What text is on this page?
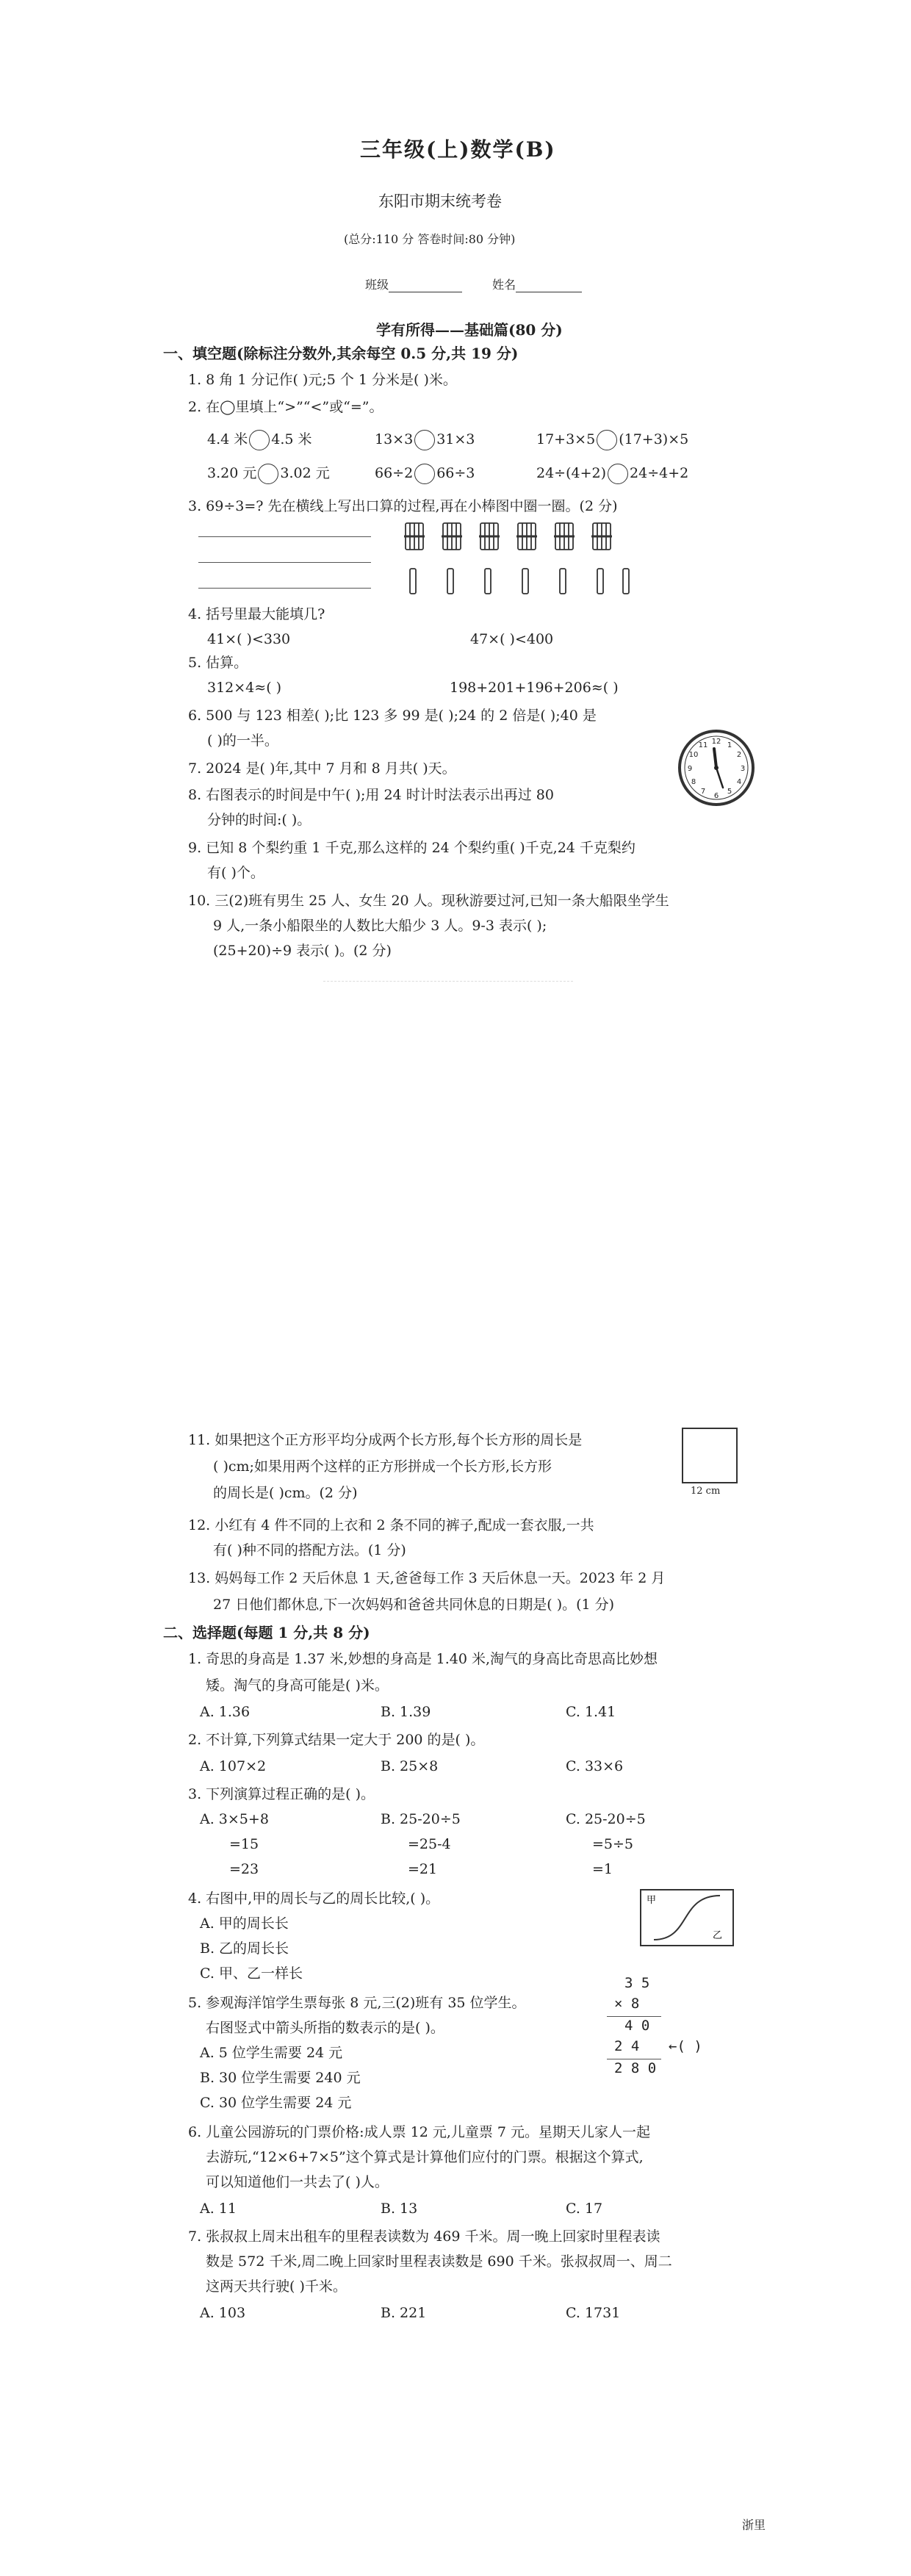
三年级(上)数学(B)
东阳市期末统考卷
(总分:110 分 答卷时间:80 分钟)
班级	姓名
学有所得——基础篇(80 分)
一、填空题(除标注分数外,其余每空 0.5 分,共 19 分)
1. 8 角 1 分记作( )元;5 个 1 分米是( )米。
2. 在◯里填上“>”“<”或“=”。
4.4 米 4.5 米	13×3 31×3	17+3×5 (17+3)×5
3.20 元 3.02 元	66÷2 66÷3	24÷(4+2) 24÷4+2
3. 69÷3=? 先在横线上写出口算的过程,再在小棒图中圈一圈。(2 分)
4. 括号里最大能填几?
41×( )<330	47×( )<400
5. 估算。
312×4≈( )	198+201+196+206≈( )
6. 500 与 123 相差( );比 123 多 99 是( );24 的 2 倍是( );40 是
( )的一半。
7. 2024 是( )年,其中 7 月和 8 月共( )天。
8. 右图表示的时间是中午( );用 24 时计时法表示出再过 80
分钟的时间:( )。
12 1
2
3
4
5
6
7
8
9
10
11
9. 已知 8 个梨约重 1 千克,那么这样的 24 个梨约重( )千克,24 千克梨约
有( )个。
10. 三(2)班有男生 25 人、女生 20 人。现秋游要过河,已知一条大船限坐学生
9 人,一条小船限坐的人数比大船少 3 人。9-3 表示( );
(25+20)÷9 表示( )。(2 分)
11. 如果把这个正方形平均分成两个长方形,每个长方形的周长是
( )cm;如果用两个这样的正方形拼成一个长方形,长方形
的周长是( )cm。(2 分)	12 cm
12. 小红有 4 件不同的上衣和 2 条不同的裤子,配成一套衣服,一共
有( )种不同的搭配方法。(1 分)
13. 妈妈每工作 2 天后休息 1 天,爸爸每工作 3 天后休息一天。2023 年 2 月
27 日他们都休息,下一次妈妈和爸爸共同休息的日期是( )。(1 分)
二、选择题(每题 1 分,共 8 分)
1. 奇思的身高是 1.37 米,妙想的身高是 1.40 米,淘气的身高比奇思高比妙想
矮。淘气的身高可能是( )米。
A. 1.36	B. 1.39	C. 1.41
2. 不计算,下列算式结果一定大于 200 的是( )。
A. 107×2	B. 25×8	C. 33×6
3. 下列演算过程正确的是( )。
A. 3×5+8
=15
=23
B. 25-20÷5
=25-4
=21
C. 25-20÷5
=5÷5
=1
4. 右图中,甲的周长与乙的周长比较,( )。
A. 甲的周长长
B. 乙的周长长
C. 甲、乙一样长
甲
乙
5. 参观海洋馆学生票每张 8 元,三(2)班有 35 位学生。
右图竖式中箭头所指的数表示的是( )。
A. 5 位学生需要 24 元
B. 30 位学生需要 240 元
C. 30 位学生需要 24 元
3 5
× 8
4 0
2 4 ←( )
2 8 0
6. 儿童公园游玩的门票价格:成人票 12 元,儿童票 7 元。星期天儿家人一起
去游玩,“12×6+7×5”这个算式是计算他们应付的门票。根据这个算式,
可以知道他们一共去了( )人。
A. 11	B. 13	C. 17
7. 张叔叔上周末出租车的里程表读数为 469 千米。周一晚上回家时里程表读
数是 572 千米,周二晚上回家时里程表读数是 690 千米。张叔叔周一、周二
这两天共行驶( )千米。
A. 103	B. 221	C. 1731
浙里
